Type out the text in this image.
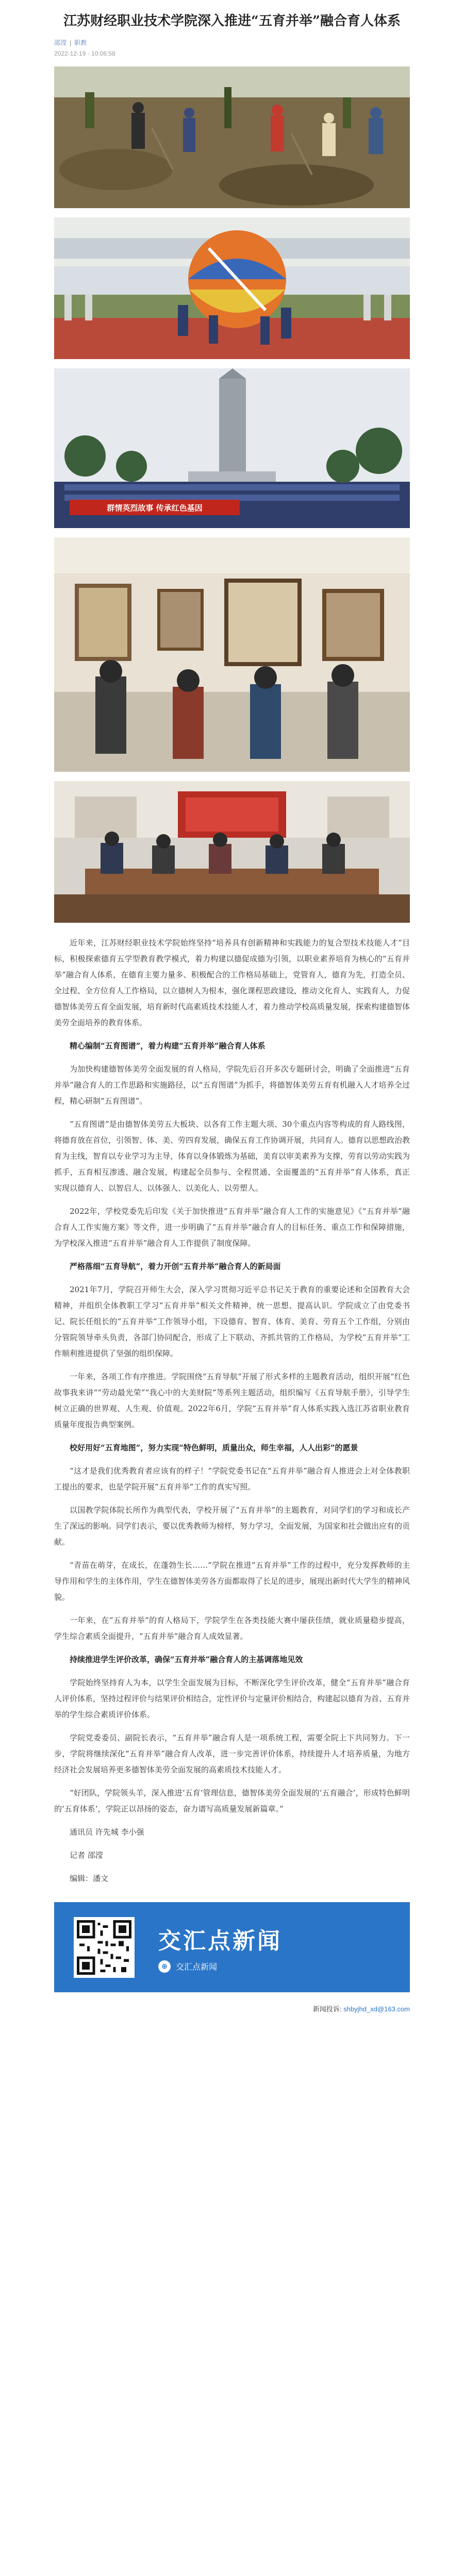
江苏财经职业技术学院深入推进“五育并举”融合育人体系
邵滢 | 职教
2022-12-19 · 10:06:58
群情英烈故事 传承红色基因

近年来，江苏财经职业技术学院始终坚持“培养具有创新精神和实践能力的复合型技术技能人才”目标，积极探索德育五学型教育教学模式，着力构建以德促成德为引领，以职业素养培育为核心的“五育并举”融合育人体系，在德育主要力量多、积极配合的工作格局基础上，党管育人，德育为先，打造全员、全过程、全方位育人工作格局，以立德树人为根本，强化课程思政建设，推动文化育人、实践育人，力促德智体美劳五育全面发展，培育新时代高素质技术技能人才，着力推动学校高质量发展，探索构建德智体美劳全面培养的教育体系。

精心编制“五育图谱”，着力构建“五育并举”融合育人体系

为加快构建德智体美劳全面发展的育人格局，学院先后召开多次专题研讨会，明确了全面推进“五育并举”融合育人的工作思路和实施路径，以“五育图谱”为抓手，将德智体美劳五育有机融入人才培养全过程，精心研制“五育图谱”。

“五育图谱”是由德智体美劳五大板块、以各育工作主题大项、30个重点内容等构成的育人路线图，将德育放在首位，引领智、体、美、劳四育发展，确保五育工作协调开展，共同育人。德育以思想政治教育为主线，智育以专业学习为主导，体育以身体锻炼为基础，美育以审美素养为支撑，劳育以劳动实践为抓手，五育相互渗透、融合发展，构建起全员参与、全程贯通、全面覆盖的“五育并举”育人体系，真正实现以德育人、以智启人、以体强人、以美化人、以劳塑人。

2022年，学校党委先后印发《关于加快推进“五育并举”融合育人工作的实施意见》《“五育并举”融合育人工作实施方案》等文件，进一步明确了“五育并举”融合育人的目标任务、重点工作和保障措施，为学校深入推进“五育并举”融合育人工作提供了制度保障。

严格落细“五育导航”，着力开创“五育并举”融合育人的新局面

2021年7月，学院召开师生大会，深入学习贯彻习近平总书记关于教育的重要论述和全国教育大会精神，并组织全体教职工学习“五育并举”相关文件精神，统一思想、提高认识。学院成立了由党委书记、院长任组长的“五育并举”工作领导小组，下设德育、智育、体育、美育、劳育五个工作组，分别由分管院领导牵头负责，各部门协同配合，形成了上下联动、齐抓共管的工作格局，为学校“五育并举”工作顺利推进提供了坚强的组织保障。

一年来，各项工作有序推进。学院围绕“五育导航”开展了形式多样的主题教育活动，组织开展“红色故事我来讲”“劳动最光荣”“我心中的大美财院”等系列主题活动，组织编写《五育导航手册》，引导学生树立正确的世界观、人生观、价值观。2022年6月，学院“五育并举”育人体系实践入选江苏省职业教育质量年度报告典型案例。

校好用好“五育地图”，努力实现“特色鲜明，质量出众，师生幸福，人人出彩”的愿景

“这才是我们优秀教育者应该有的样子！”学院党委书记在“五育并举”融合育人推进会上对全体教职工提出的要求，也是学院开展“五育并举”工作的真实写照。

以国教学院体院长所作为典型代表，学校开展了“五育并举”的主题教育，对同学们的学习和成长产生了深远的影响。同学们表示，要以优秀教师为榜样，努力学习，全面发展，为国家和社会做出应有的贡献。

“青苗在萌芽，在成长，在蓬勃生长……”学院在推进“五育并举”工作的过程中，充分发挥教师的主导作用和学生的主体作用，学生在德智体美劳各方面都取得了长足的进步，展现出新时代大学生的精神风貌。

一年来，在“五育并举”的育人格局下，学院学生在各类技能大赛中屡获佳绩，就业质量稳步提高，学生综合素质全面提升，“五育并举”融合育人成效显著。

持续推进学生评价改革，确保“五育并举”融合育人的主基调落地见效

学院始终坚持育人为本，以学生全面发展为目标，不断深化学生评价改革，健全“五育并举”融合育人评价体系，坚持过程评价与结果评价相结合，定性评价与定量评价相结合，构建起以德育为首、五育并举的学生综合素质评价体系。

学院党委委员、副院长表示，“五育并举”融合育人是一项系统工程，需要全院上下共同努力。下一步，学院将继续深化“五育并举”融合育人改革，进一步完善评价体系，持续提升人才培养质量，为地方经济社会发展培养更多德智体美劳全面发展的高素质技术技能人才。

“好团队，学院领头羊，深入推进‘五育’管理信息，德智体美劳全面发展的‘五育融合’，形成特色鲜明的‘五育体系’，学院正以昂扬的姿态，奋力谱写高质量发展新篇章。”

通讯员 许先城 李小强

记者 邵滢

编辑：潘文

交汇点新闻
⊕	交汇点新闻
新闻投诉: shbyjhd_xd@163.com
